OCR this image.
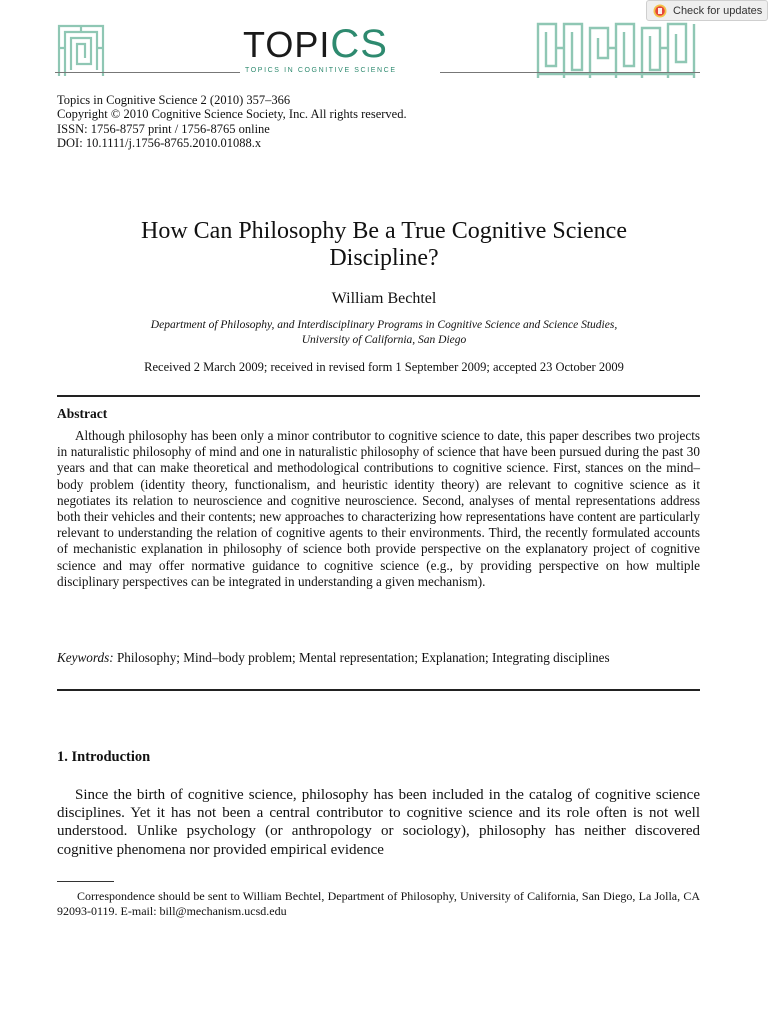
TOPICS
TOPICS IN COGNITIVE SCIENCE
Check for updates
Topics in Cognitive Science 2 (2010) 357–366
Copyright © 2010 Cognitive Science Society, Inc. All rights reserved.
ISSN: 1756-8757 print / 1756-8765 online
DOI: 10.1111/j.1756-8765.2010.01088.x
How Can Philosophy Be a True Cognitive Science
Discipline?
William Bechtel
Department of Philosophy, and Interdisciplinary Programs in Cognitive Science and Science Studies,
University of California, San Diego
Received 2 March 2009; received in revised form 1 September 2009; accepted 23 October 2009
Abstract
Although philosophy has been only a minor contributor to cognitive science to date, this paper describes two projects in naturalistic philosophy of mind and one in naturalistic philosophy of science that have been pursued during the past 30 years and that can make theoretical and methodological contributions to cognitive science. First, stances on the mind–body problem (identity theory, functionalism, and heuristic identity theory) are relevant to cognitive science as it negotiates its relation to neuroscience and cognitive neuroscience. Second, analyses of mental representations address both their vehicles and their contents; new approaches to characterizing how representations have content are particularly relevant to understanding the relation of cognitive agents to their environments. Third, the recently formulated accounts of mechanistic explanation in philosophy of science both provide perspective on the explanatory project of cognitive science and may offer normative guidance to cognitive science (e.g., by providing perspective on how multiple disciplinary perspectives can be integrated in understanding a given mechanism).
Keywords: Philosophy; Mind–body problem; Mental representation; Explanation; Integrating disciplines
1. Introduction
Since the birth of cognitive science, philosophy has been included in the catalog of cognitive science disciplines. Yet it has not been a central contributor to cognitive science and its role often is not well understood. Unlike psychology (or anthropology or sociology), philosophy has neither discovered cognitive phenomena nor provided empirical evidence
Correspondence should be sent to William Bechtel, Department of Philosophy, University of California, San Diego, La Jolla, CA 92093-0119. E-mail: bill@mechanism.ucsd.edu
